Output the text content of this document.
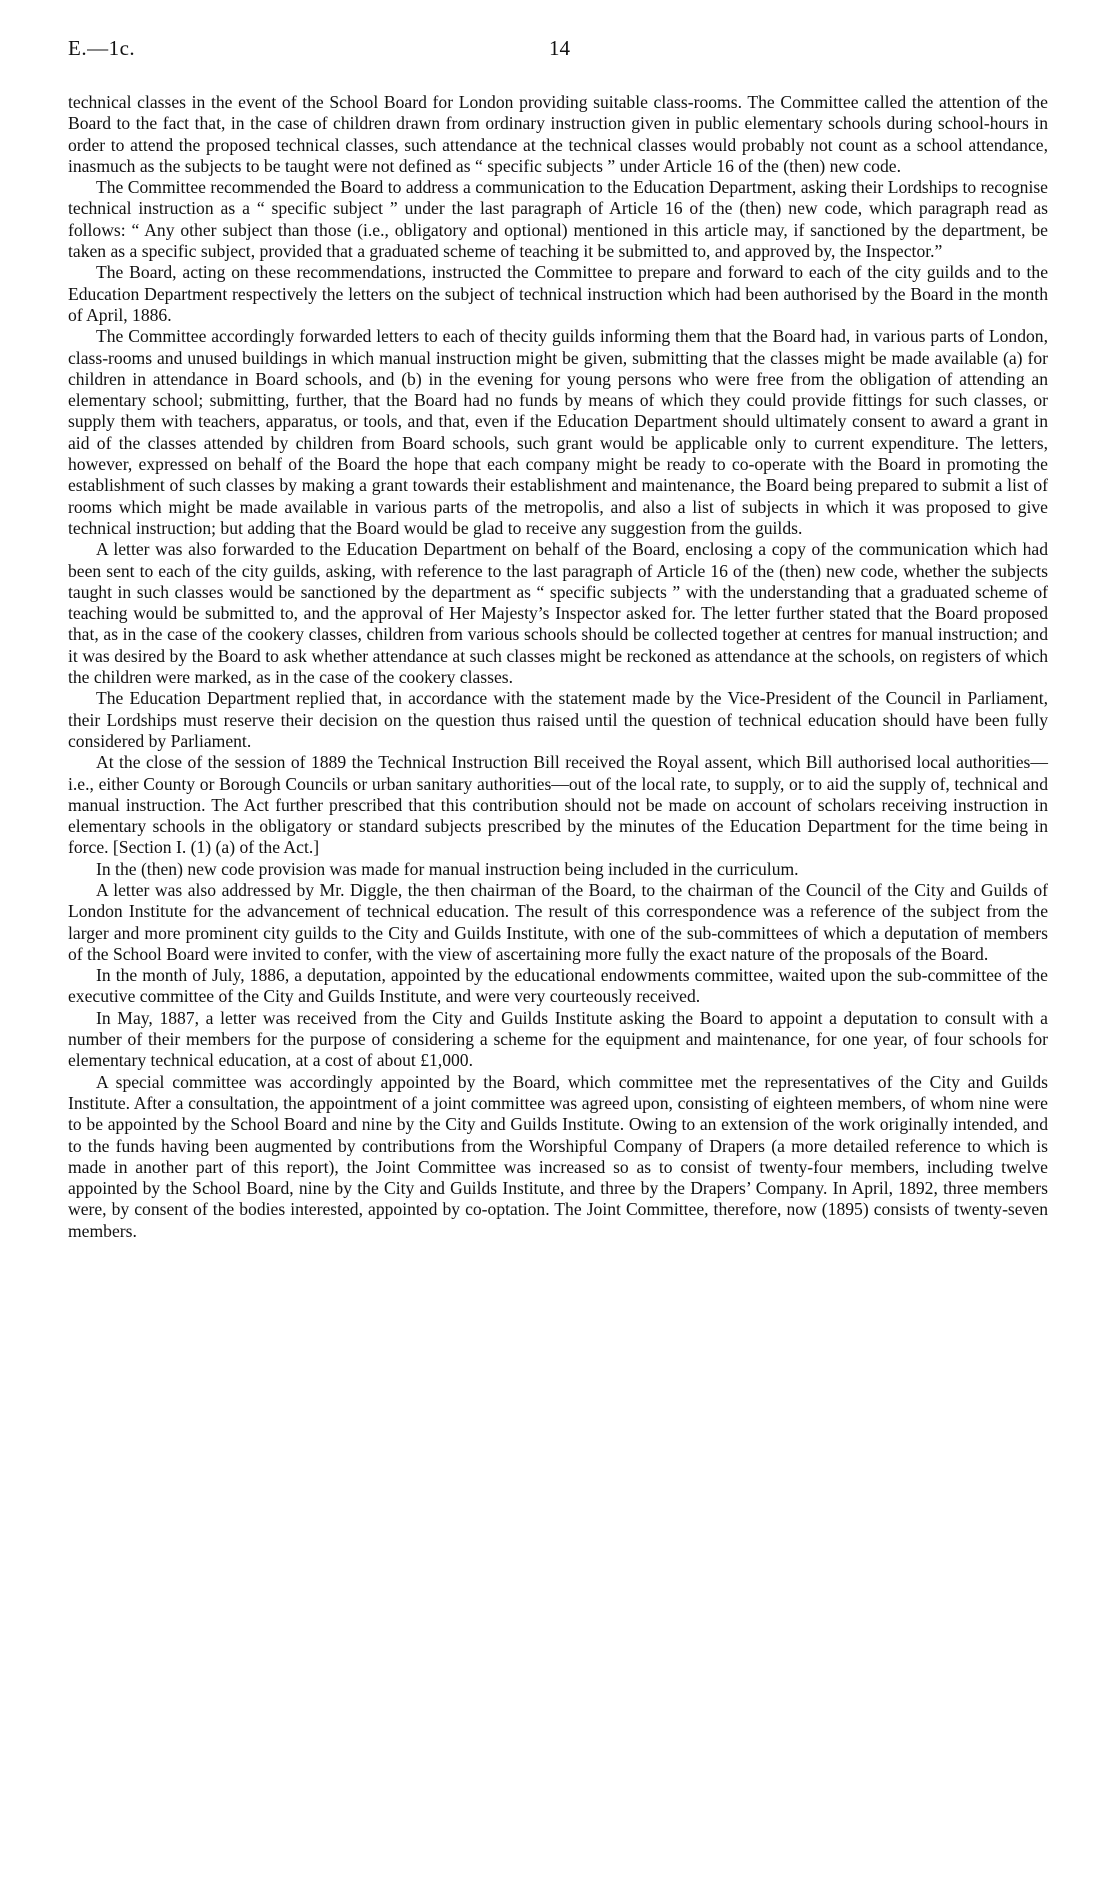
E.—1c.	14

technical classes in the event of the School Board for London providing suitable class-rooms. The Committee called the attention of the Board to the fact that, in the case of children drawn from ordinary instruction given in public elementary schools during school-hours in order to attend the proposed technical classes, such attendance at the technical classes would probably not count as a school attendance, inasmuch as the subjects to be taught were not defined as “ specific subjects ” under Article 16 of the (then) new code.

The Committee recommended the Board to address a communication to the Education Department, asking their Lordships to recognise technical instruction as a “ specific subject ” under the last paragraph of Article 16 of the (then) new code, which paragraph read as follows: “ Any other subject than those (i.e., obligatory and optional) mentioned in this article may, if sanctioned by the department, be taken as a specific subject, provided that a graduated scheme of teaching it be submitted to, and approved by, the Inspector.”

The Board, acting on these recommendations, instructed the Committee to prepare and forward to each of the city guilds and to the Education Department respectively the letters on the subject of technical instruction which had been authorised by the Board in the month of April, 1886.

The Committee accordingly forwarded letters to each of thecity guilds informing them that the Board had, in various parts of London, class-rooms and unused buildings in which manual instruction might be given, submitting that the classes might be made available (a) for children in attendance in Board schools, and (b) in the evening for young persons who were free from the obligation of attending an elementary school; submitting, further, that the Board had no funds by means of which they could provide fittings for such classes, or supply them with teachers, apparatus, or tools, and that, even if the Education Department should ultimately consent to award a grant in aid of the classes attended by children from Board schools, such grant would be applicable only to current expenditure. The letters, however, expressed on behalf of the Board the hope that each company might be ready to co-operate with the Board in promoting the establishment of such classes by making a grant towards their establishment and maintenance, the Board being prepared to submit a list of rooms which might be made available in various parts of the metropolis, and also a list of subjects in which it was proposed to give technical instruction; but adding that the Board would be glad to receive any suggestion from the guilds.

A letter was also forwarded to the Education Department on behalf of the Board, enclosing a copy of the communication which had been sent to each of the city guilds, asking, with reference to the last paragraph of Article 16 of the (then) new code, whether the subjects taught in such classes would be sanctioned by the department as “ specific subjects ” with the understanding that a graduated scheme of teaching would be submitted to, and the approval of Her Majesty’s Inspector asked for. The letter further stated that the Board proposed that, as in the case of the cookery classes, children from various schools should be collected together at centres for manual instruction; and it was desired by the Board to ask whether attendance at such classes might be reckoned as attendance at the schools, on registers of which the children were marked, as in the case of the cookery classes.

The Education Department replied that, in accordance with the statement made by the Vice-President of the Council in Parliament, their Lordships must reserve their decision on the question thus raised until the question of technical education should have been fully considered by Parliament.

At the close of the session of 1889 the Technical Instruction Bill received the Royal assent, which Bill authorised local authorities—i.e., either County or Borough Councils or urban sanitary authorities—out of the local rate, to supply, or to aid the supply of, technical and manual instruction. The Act further prescribed that this contribution should not be made on account of scholars receiving instruction in elementary schools in the obligatory or standard subjects prescribed by the minutes of the Education Department for the time being in force. [Section I. (1) (a) of the Act.]

In the (then) new code provision was made for manual instruction being included in the curriculum.

A letter was also addressed by Mr. Diggle, the then chairman of the Board, to the chairman of the Council of the City and Guilds of London Institute for the advancement of technical education. The result of this correspondence was a reference of the subject from the larger and more prominent city guilds to the City and Guilds Institute, with one of the sub-committees of which a deputation of members of the School Board were invited to confer, with the view of ascertaining more fully the exact nature of the proposals of the Board.

In the month of July, 1886, a deputation, appointed by the educational endowments committee, waited upon the sub-committee of the executive committee of the City and Guilds Institute, and were very courteously received.

In May, 1887, a letter was received from the City and Guilds Institute asking the Board to appoint a deputation to consult with a number of their members for the purpose of considering a scheme for the equipment and maintenance, for one year, of four schools for elementary technical education, at a cost of about £1,000.

A special committee was accordingly appointed by the Board, which committee met the representatives of the City and Guilds Institute. After a consultation, the appointment of a joint committee was agreed upon, consisting of eighteen members, of whom nine were to be appointed by the School Board and nine by the City and Guilds Institute. Owing to an extension of the work originally intended, and to the funds having been augmented by contributions from the Worshipful Company of Drapers (a more detailed reference to which is made in another part of this report), the Joint Committee was increased so as to consist of twenty-four members, including twelve appointed by the School Board, nine by the City and Guilds Institute, and three by the Drapers’ Company. In April, 1892, three members were, by consent of the bodies interested, appointed by co-optation. The Joint Committee, therefore, now (1895) consists of twenty-seven members.
